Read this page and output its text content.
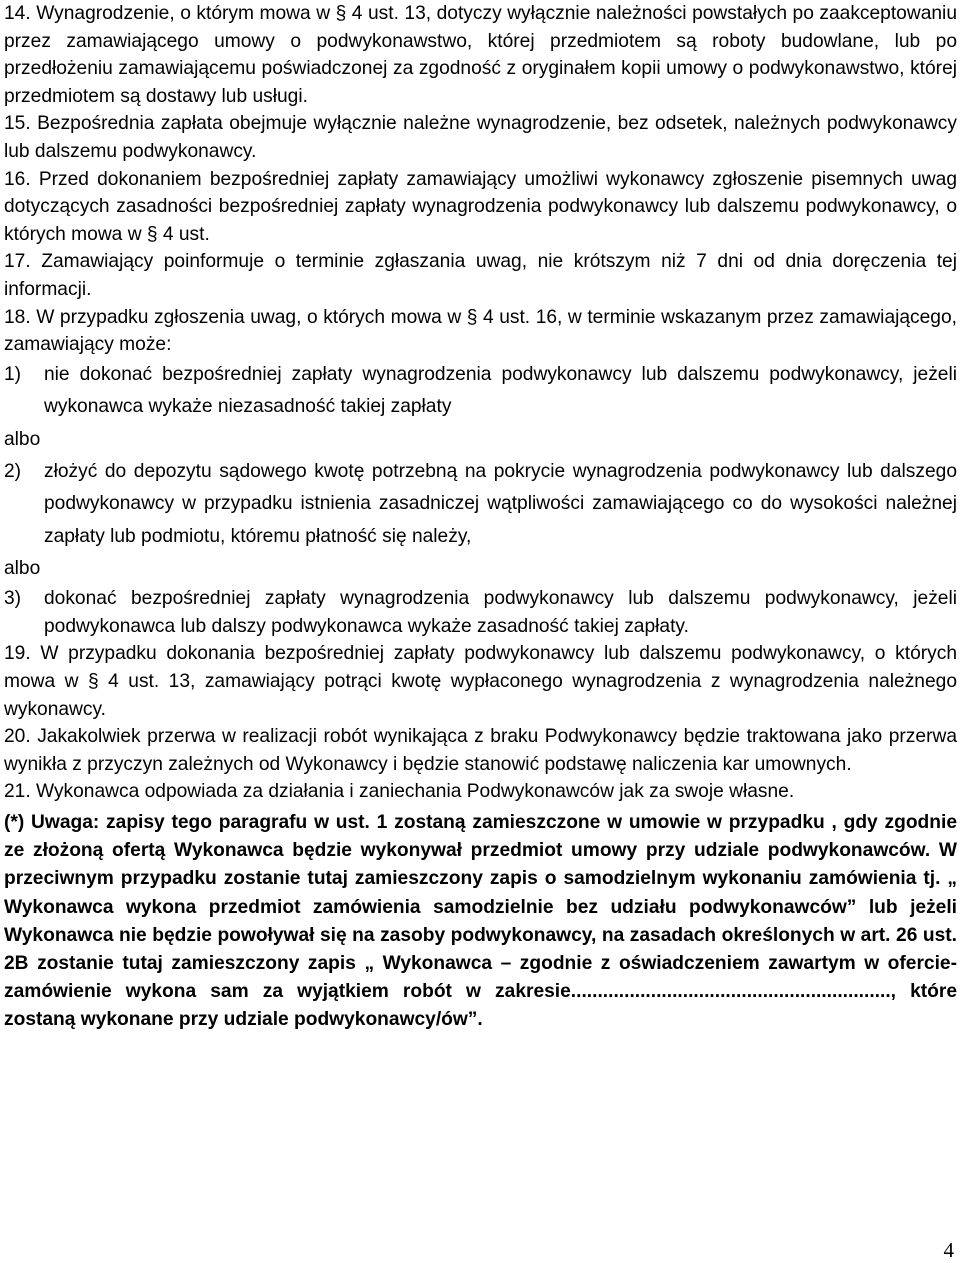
14. Wynagrodzenie, o którym mowa w § 4 ust. 13, dotyczy wyłącznie należności powstałych po zaakceptowaniu przez zamawiającego umowy o podwykonawstwo, której przedmiotem są roboty budowlane, lub po przedłożeniu zamawiającemu poświadczonej za zgodność z oryginałem kopii umowy o podwykonawstwo, której przedmiotem są dostawy lub usługi.

15. Bezpośrednia zapłata obejmuje wyłącznie należne wynagrodzenie, bez odsetek, należnych podwykonawcy lub dalszemu podwykonawcy.

16. Przed dokonaniem bezpośredniej zapłaty zamawiający umożliwi wykonawcy zgłoszenie pisemnych uwag dotyczących zasadności bezpośredniej zapłaty wynagrodzenia podwykonawcy lub dalszemu podwykonawcy, o których mowa w § 4 ust.

17. Zamawiający poinformuje o terminie zgłaszania uwag, nie krótszym niż 7 dni od dnia doręczenia tej informacji.

18. W przypadku zgłoszenia uwag, o których mowa w § 4 ust. 16, w terminie wskazanym przez zamawiającego, zamawiający może:

1)	nie dokonać bezpośredniej zapłaty wynagrodzenia podwykonawcy lub dalszemu podwykonawcy, jeżeli wykonawca wykaże niezasadność takiej zapłaty

albo

2)	złożyć do depozytu sądowego kwotę potrzebną na pokrycie wynagrodzenia podwykonawcy lub dalszego podwykonawcy w przypadku istnienia zasadniczej wątpliwości zamawiającego co do wysokości należnej zapłaty lub podmiotu, któremu płatność się należy,

albo

3)	dokonać bezpośredniej zapłaty wynagrodzenia podwykonawcy lub dalszemu podwykonawcy, jeżeli podwykonawca lub dalszy podwykonawca wykaże zasadność takiej zapłaty.

19. W przypadku dokonania bezpośredniej zapłaty podwykonawcy lub dalszemu podwykonawcy, o których mowa w § 4 ust. 13, zamawiający potrąci kwotę wypłaconego wynagrodzenia z wynagrodzenia należnego wykonawcy.

20. Jakakolwiek przerwa w realizacji robót wynikająca z braku Podwykonawcy będzie traktowana jako przerwa wynikła z przyczyn zależnych od Wykonawcy i będzie stanowić podstawę naliczenia kar umownych.

21. Wykonawca odpowiada za działania i zaniechania Podwykonawców jak za swoje własne.

(*) Uwaga: zapisy tego paragrafu w ust. 1 zostaną zamieszczone w umowie w przypadku , gdy zgodnie ze złożoną ofertą Wykonawca będzie wykonywał przedmiot umowy przy udziale podwykonawców. W przeciwnym przypadku zostanie tutaj zamieszczony zapis o samodzielnym wykonaniu zamówienia tj. „ Wykonawca wykona przedmiot zamówienia samodzielnie bez udziału podwykonawców” lub jeżeli Wykonawca nie będzie powoływał się na zasoby podwykonawcy, na zasadach określonych w art. 26 ust. 2B zostanie tutaj zamieszczony zapis „ Wykonawca – zgodnie z oświadczeniem zawartym w ofercie- zamówienie wykona sam za wyjątkiem robót w zakresie............................................................, które zostaną wykonane przy udziale podwykonawcy/ów”.

4
